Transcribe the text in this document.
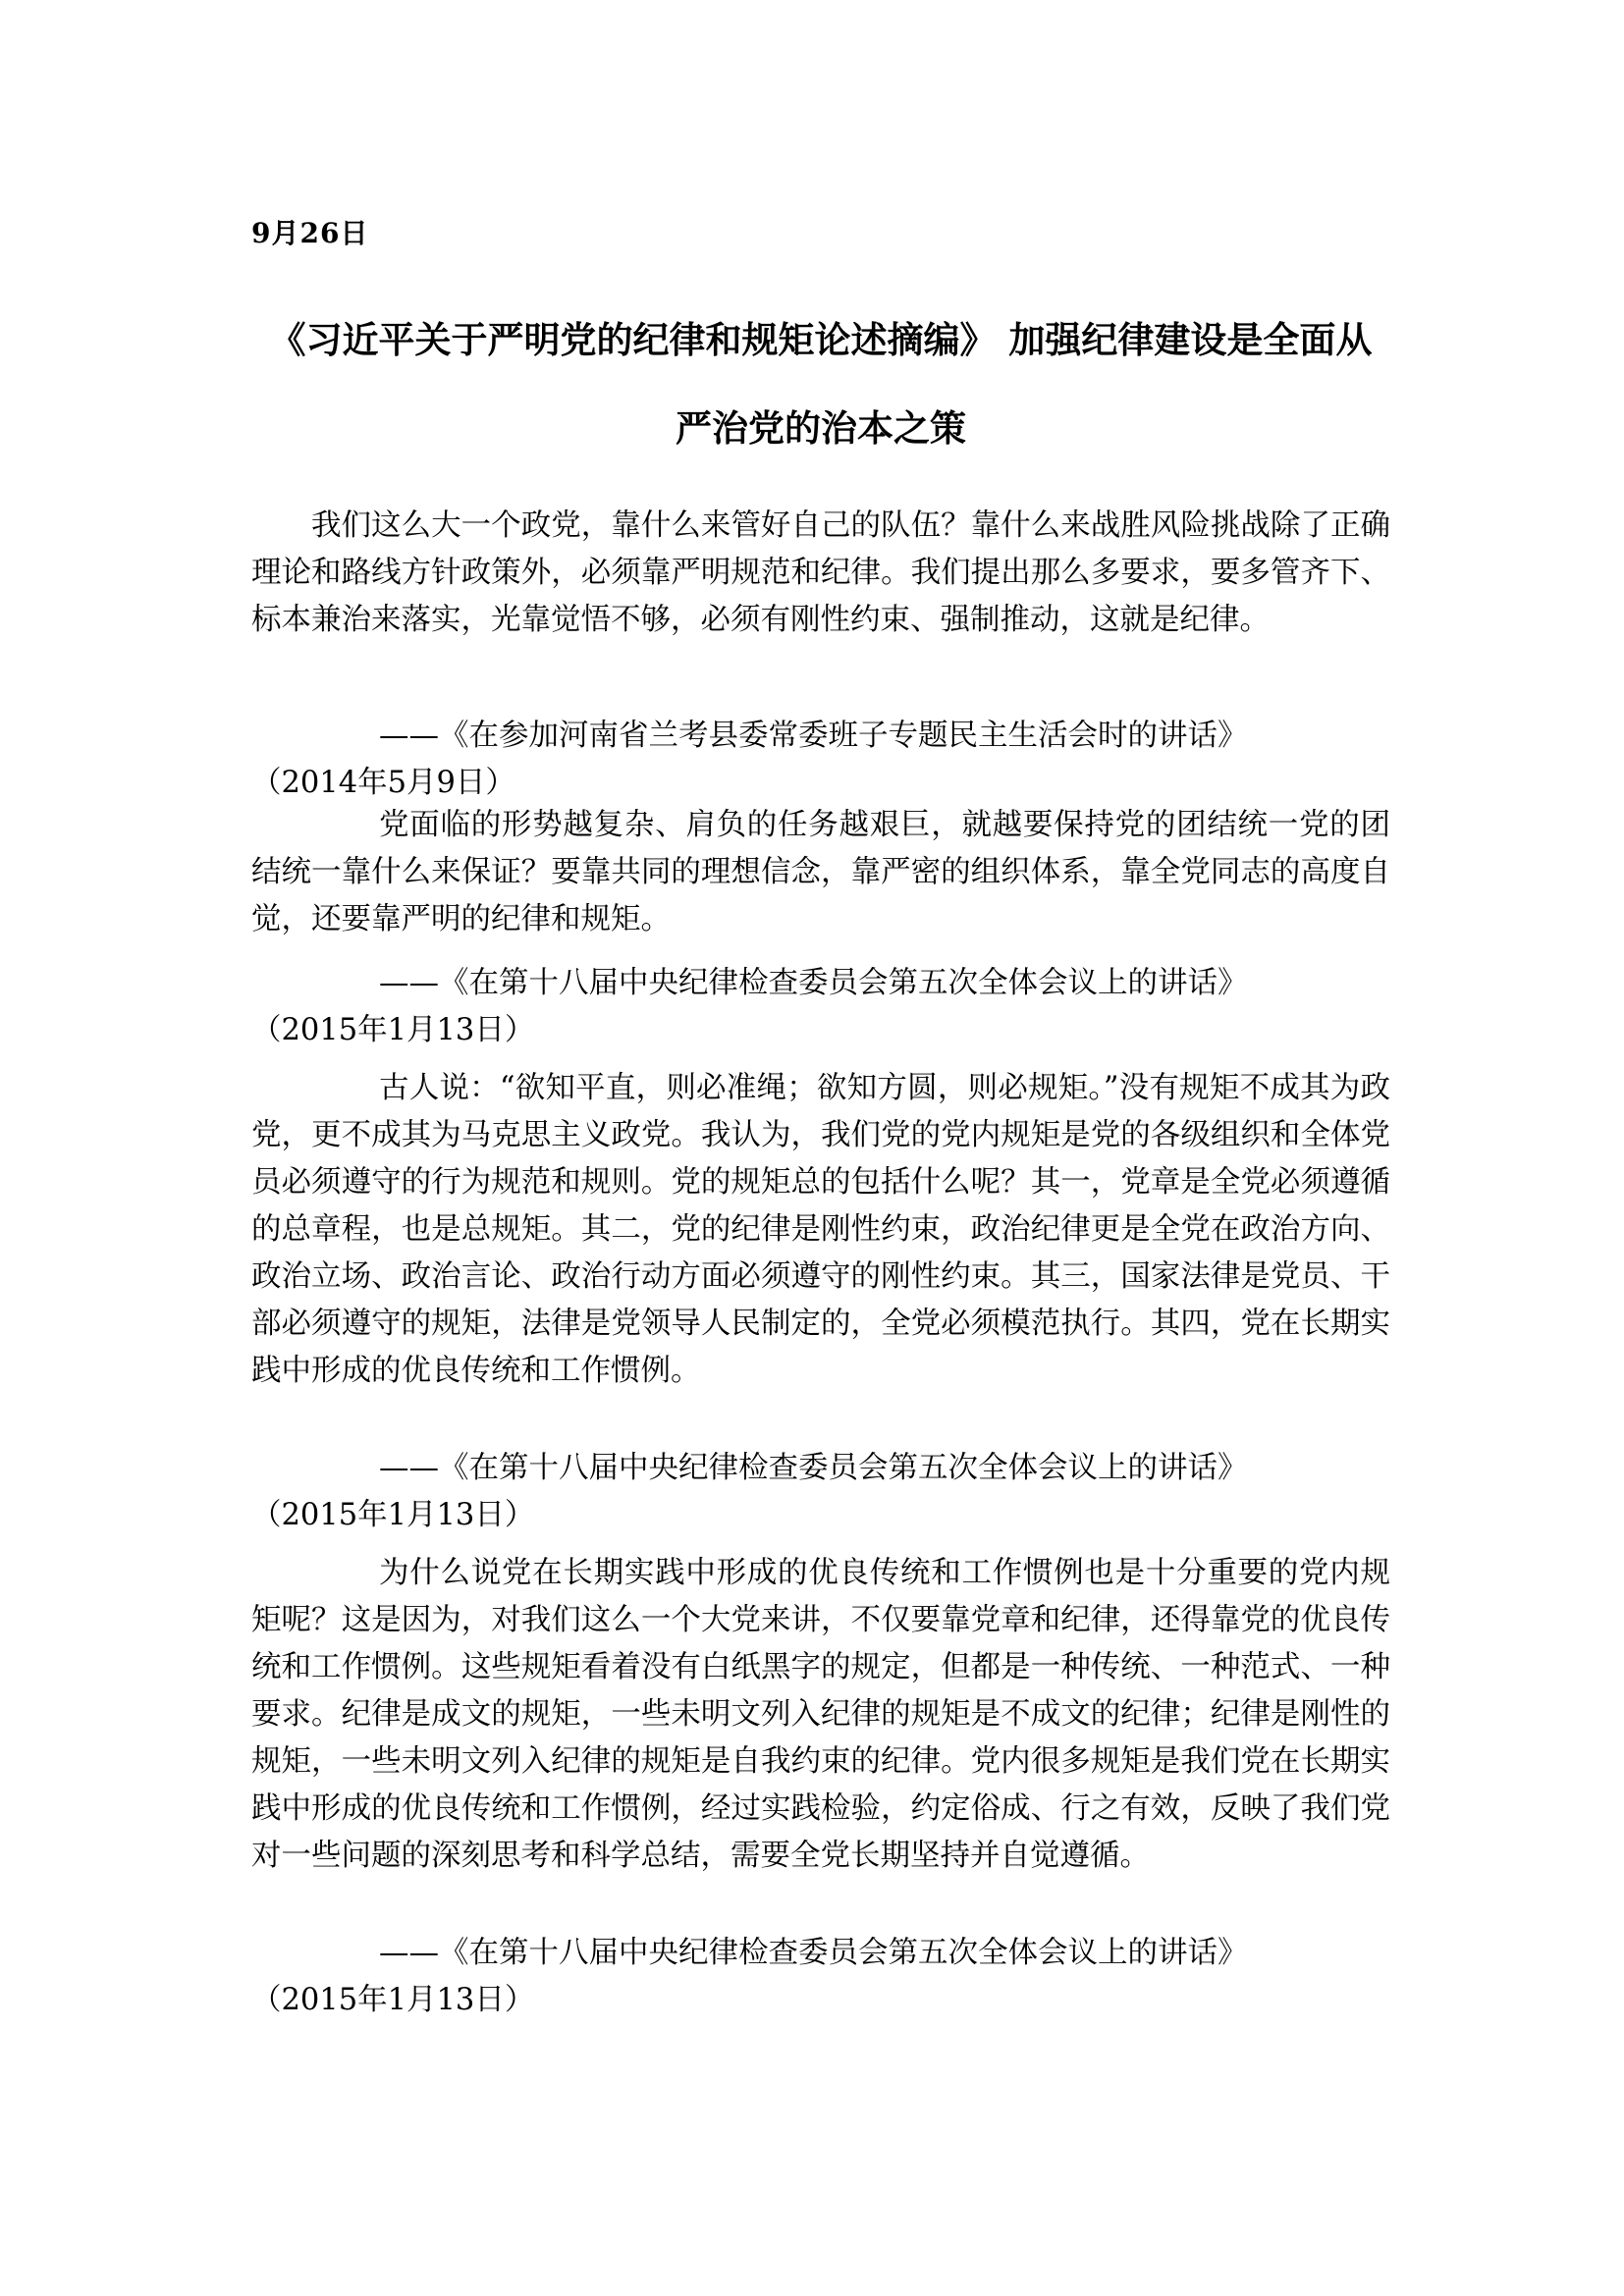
9月26日
《习近平关于严明党的纪律和规矩论述摘编》 加强纪律建设是全面从
严治党的治本之策

我们这么大一个政党，靠什么来管好自己的队伍？靠什么来战胜风险挑战除了正确理论和路线方针政策外，必须靠严明规范和纪律。我们提出那么多要求，要多管齐下、标本兼治来落实，光靠觉悟不够，必须有刚性约束、强制推动，这就是纪律。

——《在参加河南省兰考县委常委班子专题民主生活会时的讲话》
（2014年5月9日）

党面临的形势越复杂、肩负的任务越艰巨，就越要保持党的团结统一党的团结统一靠什么来保证？要靠共同的理想信念，靠严密的组织体系，靠全党同志的高度自觉，还要靠严明的纪律和规矩。

——《在第十八届中央纪律检查委员会第五次全体会议上的讲话》
（2015年1月13日）

古人说：“欲知平直，则必准绳；欲知方圆，则必规矩。”没有规矩不成其为政党，更不成其为马克思主义政党。我认为，我们党的党内规矩是党的各级组织和全体党员必须遵守的行为规范和规则。党的规矩总的包括什么呢？其一，党章是全党必须遵循的总章程，也是总规矩。其二，党的纪律是刚性约束，政治纪律更是全党在政治方向、政治立场、政治言论、政治行动方面必须遵守的刚性约束。其三，国家法律是党员、干部必须遵守的规矩，法律是党领导人民制定的，全党必须模范执行。其四，党在长期实践中形成的优良传统和工作惯例。

——《在第十八届中央纪律检查委员会第五次全体会议上的讲话》
（2015年1月13日）

为什么说党在长期实践中形成的优良传统和工作惯例也是十分重要的党内规矩呢？这是因为，对我们这么一个大党来讲，不仅要靠党章和纪律，还得靠党的优良传统和工作惯例。这些规矩看着没有白纸黑字的规定，但都是一种传统、一种范式、一种要求。纪律是成文的规矩，一些未明文列入纪律的规矩是不成文的纪律；纪律是刚性的规矩，一些未明文列入纪律的规矩是自我约束的纪律。党内很多规矩是我们党在长期实践中形成的优良传统和工作惯例，经过实践检验，约定俗成、行之有效，反映了我们党对一些问题的深刻思考和科学总结，需要全党长期坚持并自觉遵循。

——《在第十八届中央纪律检查委员会第五次全体会议上的讲话》
（2015年1月13日）
